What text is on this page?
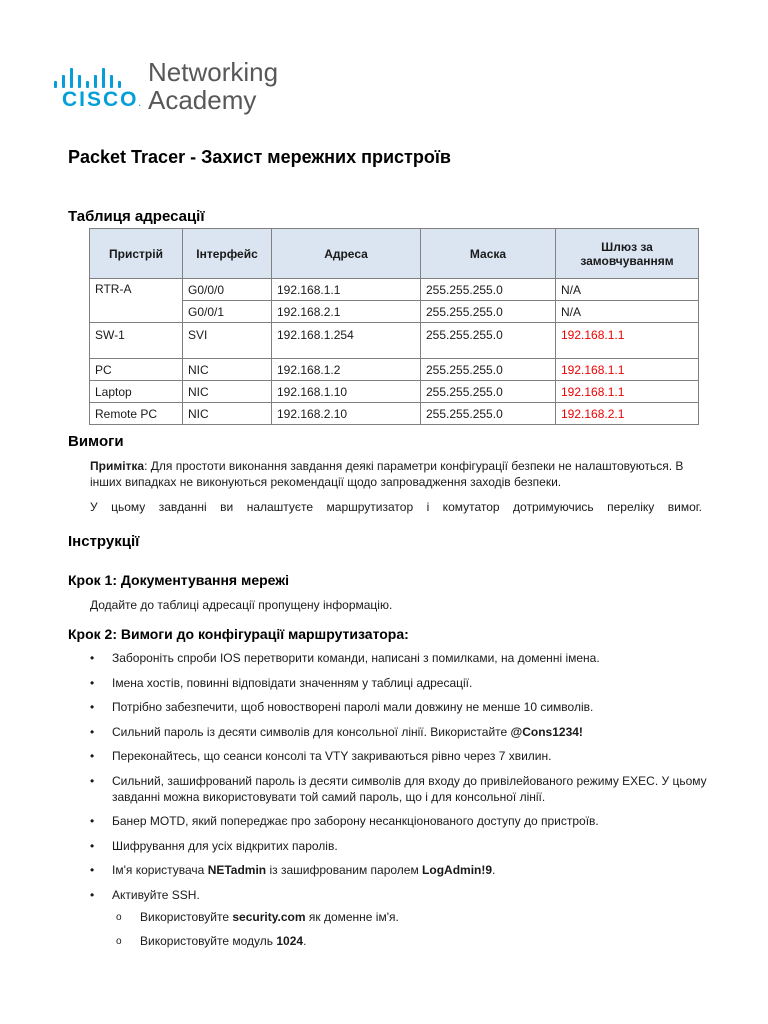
CISCO.
Networking
Academy
Packet Tracer - Захист мережних пристроїв
Таблиця адресації
Пристрій	Інтерфейс	Адреса	Маска	Шлюз за замовчуванням
RTR-A	G0/0/0	192.168.1.1	255.255.255.0	N/A
	G0/0/1	192.168.2.1	255.255.255.0	N/A
SW-1	SVI	192.168.1.254	255.255.255.0	192.168.1.1
PC	NIC	192.168.1.2	255.255.255.0	192.168.1.1
Laptop	NIC	192.168.1.10	255.255.255.0	192.168.1.1
Remote PC	NIC	192.168.2.10	255.255.255.0	192.168.2.1
Вимоги
Примітка: Для простоти виконання завдання деякі параметри конфігурації безпеки не налаштовуються. В інших випадках не виконуються рекомендації щодо запровадження заходів безпеки.
У цьому завданні ви налаштуєте маршрутизатор і комутатор дотримуючись переліку вимог.
Інструкції
Крок 1: Документування мережі
Додайте до таблиці адресації пропущену інформацію.
Крок 2: Вимоги до конфігурації маршрутизатора:
• Забороніть спроби IOS перетворити команди, написані з помилками, на доменні імена.
• Імена хостів, повинні відповідати значенням у таблиці адресації.
• Потрібно забезпечити, щоб новостворені паролі мали довжину не менше 10 символів.
• Сильний пароль із десяти символів для консольної лінії. Використайте @Cons1234!
• Переконайтесь, що сеанси консолі та VTY закриваються рівно через 7 хвилин.
• Сильний, зашифрований пароль із десяти символів для входу до привілейованого режиму EXEC. У цьому завданні можна використовувати той самий пароль, що і для консольної лінії.
• Банер MOTD, який попереджає про заборону несанкціонованого доступу до пристроїв.
• Шифрування для усіх відкритих паролів.
• Ім'я користувача NETadmin із зашифрованим паролем LogAdmin!9.
• Активуйте SSH.
o Використовуйте security.com як доменне ім'я.
o Використовуйте модуль 1024.
